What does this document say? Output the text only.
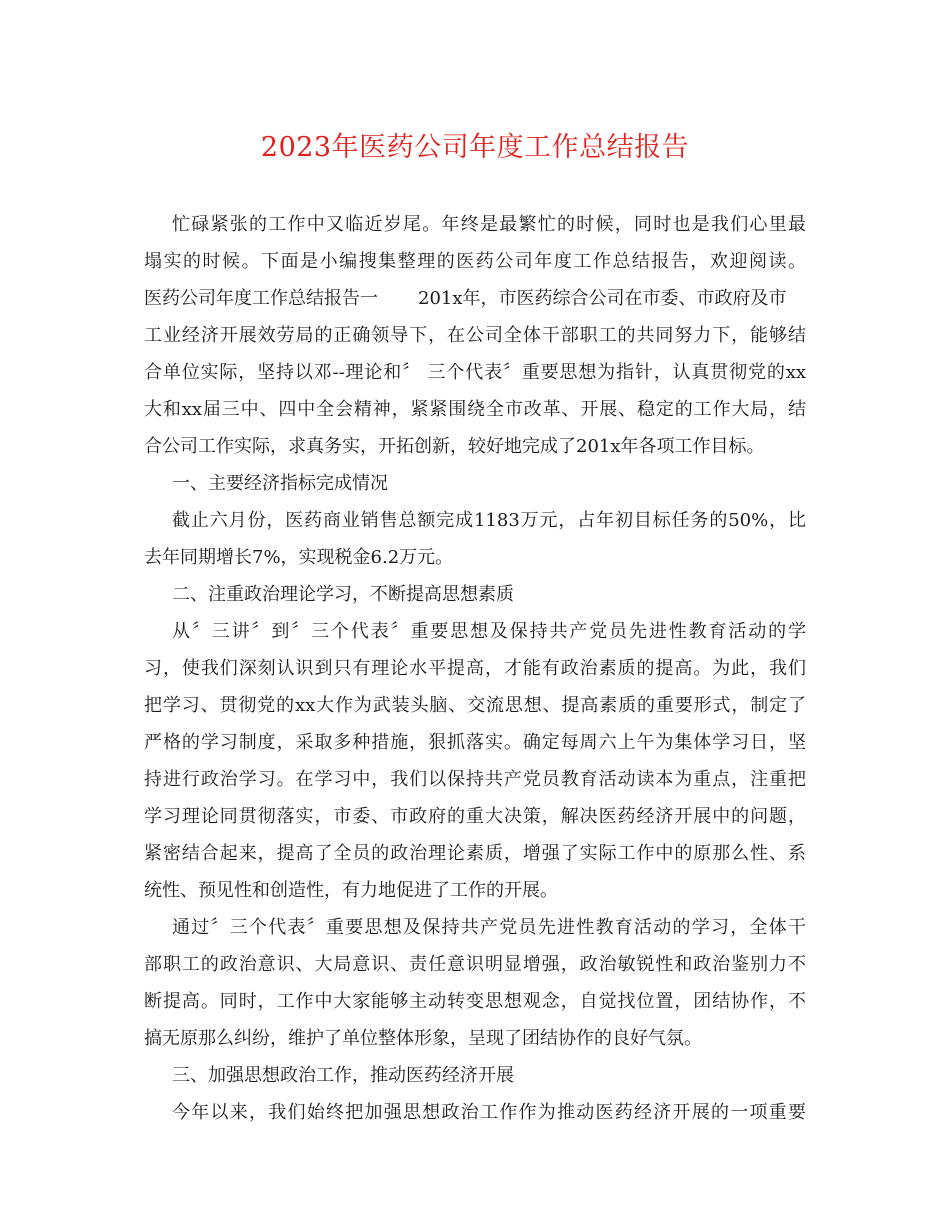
2023年医药公司年度工作总结报告
忙碌紧张的工作中又临近岁尾。年终是最繁忙的时候，同时也是我们心里最
塌实的时候。下面是小编搜集整理的医药公司年度工作总结报告，欢迎阅读。
医药公司年度工作总结报告一 201x年，市医药综合公司在市委、市政府及市
工业经济开展效劳局的正确领导下，在公司全体干部职工的共同努力下，能够结
合单位实际，坚持以邓--理论和〞 三个代表〞重要思想为指针，认真贯彻党的xx
大和xx届三中、四中全会精神，紧紧围绕全市改革、开展、稳定的工作大局，结
合公司工作实际，求真务实，开拓创新，较好地完成了201x年各项工作目标。
一、主要经济指标完成情况
截止六月份，医药商业销售总额完成1183万元，占年初目标任务的50%，比
去年同期增长7%，实现税金6.2万元。
二、注重政治理论学习，不断提高思想素质
从〞三讲〞到〞三个代表〞重要思想及保持共产党员先进性教育活动的学
习，使我们深刻认识到只有理论水平提高，才能有政治素质的提高。为此，我们
把学习、贯彻党的xx大作为武装头脑、交流思想、提高素质的重要形式，制定了
严格的学习制度，采取多种措施，狠抓落实。确定每周六上午为集体学习日，坚
持进行政治学习。在学习中，我们以保持共产党员教育活动读本为重点，注重把
学习理论同贯彻落实，市委、市政府的重大决策，解决医药经济开展中的问题，
紧密结合起来，提高了全员的政治理论素质，增强了实际工作中的原那么性、系
统性、预见性和创造性，有力地促进了工作的开展。
通过〞三个代表〞重要思想及保持共产党员先进性教育活动的学习，全体干
部职工的政治意识、大局意识、责任意识明显增强，政治敏锐性和政治鉴别力不
断提高。同时，工作中大家能够主动转变思想观念，自觉找位置，团结协作，不
搞无原那么纠纷，维护了单位整体形象，呈现了团结协作的良好气氛。
三、加强思想政治工作，推动医药经济开展
今年以来，我们始终把加强思想政治工作作为推动医药经济开展的一项重要
